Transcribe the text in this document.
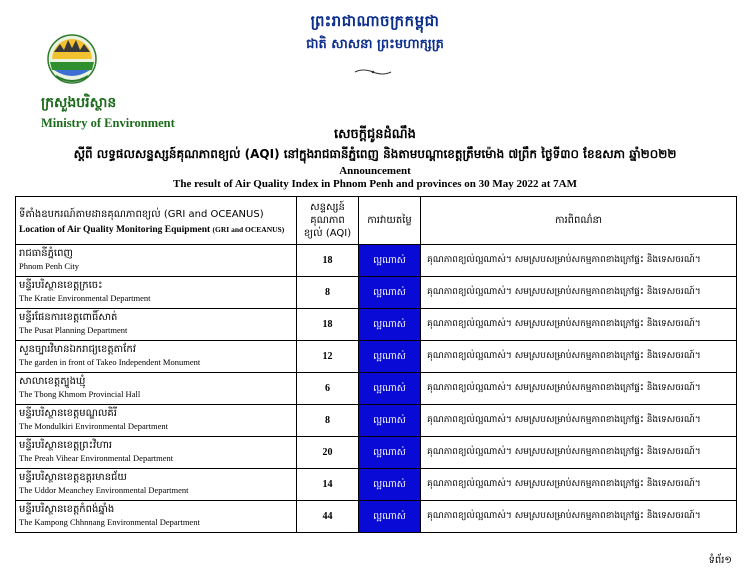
ព្រះរាជាណាចក្រកម្ពុជា
ជាតិ សាសនា ព្រះមហាក្សត្រ
ក្រសួងបរិស្ថាន
Ministry of Environment
សេចក្តីជូនដំណឹង
ស្តីពី លទ្ធផលសន្ទស្សន៍គុណភាពខ្យល់ (AQI) នៅក្នុងរាជធានីភ្នំពេញ និងតាមបណ្តាខេត្តត្រឹមម៉ោង ៧ព្រឹក ថ្ងៃទី៣០ ខែឧសភា ឆ្នាំ២០២២
Announcement
The result of Air Quality Index in Phnom Penh and provinces on 30 May 2022 at 7AM
ទីតាំងឧបករណ៍តាមដានគុណភាពខ្យល់ (GRI and OCEANUS)
Location of Air Quality Monitoring Equipment (GRI and OCEANUS)	សន្ទស្សន៍
គុណភាព
ខ្យល់ (AQI)	ការវាយតម្លៃ	ការពិពណ៌នា

រាជធានីភ្នំពេញ
Phnom Penh City	18	ល្អណាស់	គុណភាពខ្យល់ល្អណាស់។ សមស្របសម្រាប់សកម្មភាពខាងក្រៅផ្ទះ និងទេសចរណ៍។

មន្ទីរបរិស្ថានខេត្តក្រចេះ
The Kratie Environmental Department	8	ល្អណាស់	គុណភាពខ្យល់ល្អណាស់។ សមស្របសម្រាប់សកម្មភាពខាងក្រៅផ្ទះ និងទេសចរណ៍។

មន្ទីរផែនការខេត្តពោធិ៍សាត់
The Pusat Planning Department	18	ល្អណាស់	គុណភាពខ្យល់ល្អណាស់។ សមស្របសម្រាប់សកម្មភាពខាងក្រៅផ្ទះ និងទេសចរណ៍។

សួនច្បារវិមានឯករាជ្យខេត្តតាកែវ
The garden in front of Takeo Independent Monument	12	ល្អណាស់	គុណភាពខ្យល់ល្អណាស់។ សមស្របសម្រាប់សកម្មភាពខាងក្រៅផ្ទះ និងទេសចរណ៍។

សាលាខេត្តត្បូងឃ្មុំ
The Tbong Khmom Provincial Hall	6	ល្អណាស់	គុណភាពខ្យល់ល្អណាស់។ សមស្របសម្រាប់សកម្មភាពខាងក្រៅផ្ទះ និងទេសចរណ៍។

មន្ទីរបរិស្ថានខេត្តមណ្ឌលគិរី
The Mondulkiri Environmental Department	8	ល្អណាស់	គុណភាពខ្យល់ល្អណាស់។ សមស្របសម្រាប់សកម្មភាពខាងក្រៅផ្ទះ និងទេសចរណ៍។

មន្ទីរបរិស្ថានខេត្តព្រះវិហារ
The Preah Vihear Environmental Department	20	ល្អណាស់	គុណភាពខ្យល់ល្អណាស់។ សមស្របសម្រាប់សកម្មភាពខាងក្រៅផ្ទះ និងទេសចរណ៍។

មន្ទីរបរិស្ថានខេត្តឧត្តរមានជ័យ
The Uddor Meanchey Environmental Department	14	ល្អណាស់	គុណភាពខ្យល់ល្អណាស់។ សមស្របសម្រាប់សកម្មភាពខាងក្រៅផ្ទះ និងទេសចរណ៍។

មន្ទីរបរិស្ថានខេត្តកំពង់ឆ្នាំង
The Kampong Chhnnang Environmental Department	44	ល្អណាស់	គុណភាពខ្យល់ល្អណាស់។ សមស្របសម្រាប់សកម្មភាពខាងក្រៅផ្ទះ និងទេសចរណ៍។
ទំព័រ១
